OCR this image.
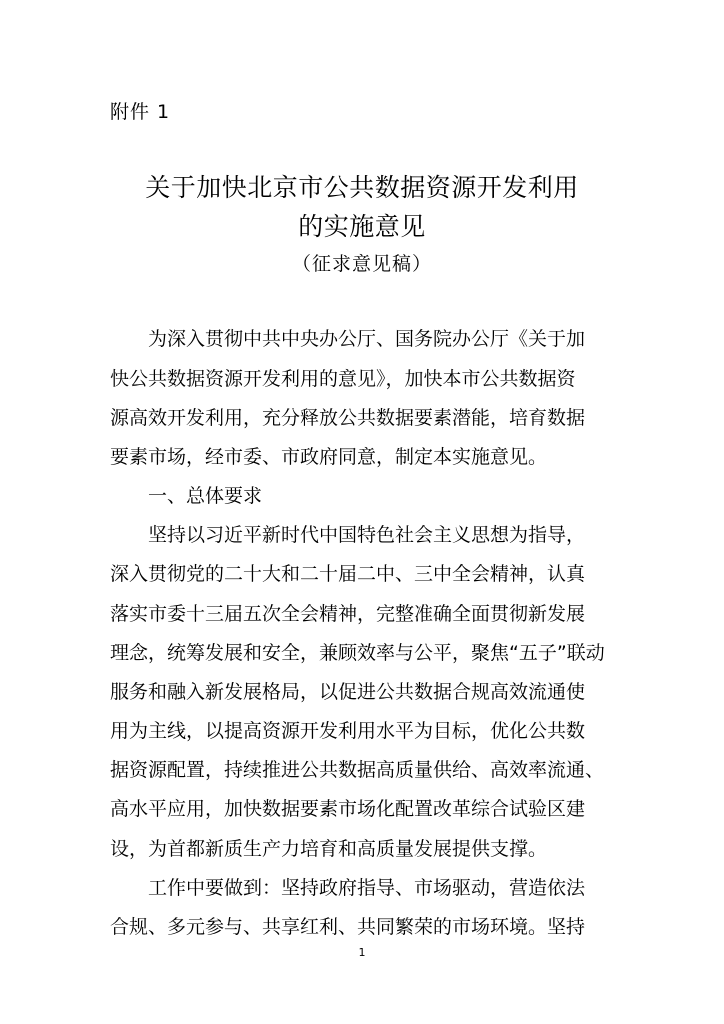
附件 1
关于加快北京市公共数据资源开发利用
的实施意见
（征求意见稿）
为深入贯彻中共中央办公厅、国务院办公厅《关于加
快公共数据资源开发利用的意见》，加快本市公共数据资
源高效开发利用，充分释放公共数据要素潜能，培育数据
要素市场，经市委、市政府同意，制定本实施意见。
一、总体要求
坚持以习近平新时代中国特色社会主义思想为指导，
深入贯彻党的二十大和二十届二中、三中全会精神，认真
落实市委十三届五次全会精神，完整准确全面贯彻新发展
理念，统筹发展和安全，兼顾效率与公平，聚焦“五子”联动
服务和融入新发展格局，以促进公共数据合规高效流通使
用为主线，以提高资源开发利用水平为目标，优化公共数
据资源配置，持续推进公共数据高质量供给、高效率流通、
高水平应用，加快数据要素市场化配置改革综合试验区建
设，为首都新质生产力培育和高质量发展提供支撑。
工作中要做到：坚持政府指导、市场驱动，营造依法
合规、多元参与、共享红利、共同繁荣的市场环境。坚持
1
